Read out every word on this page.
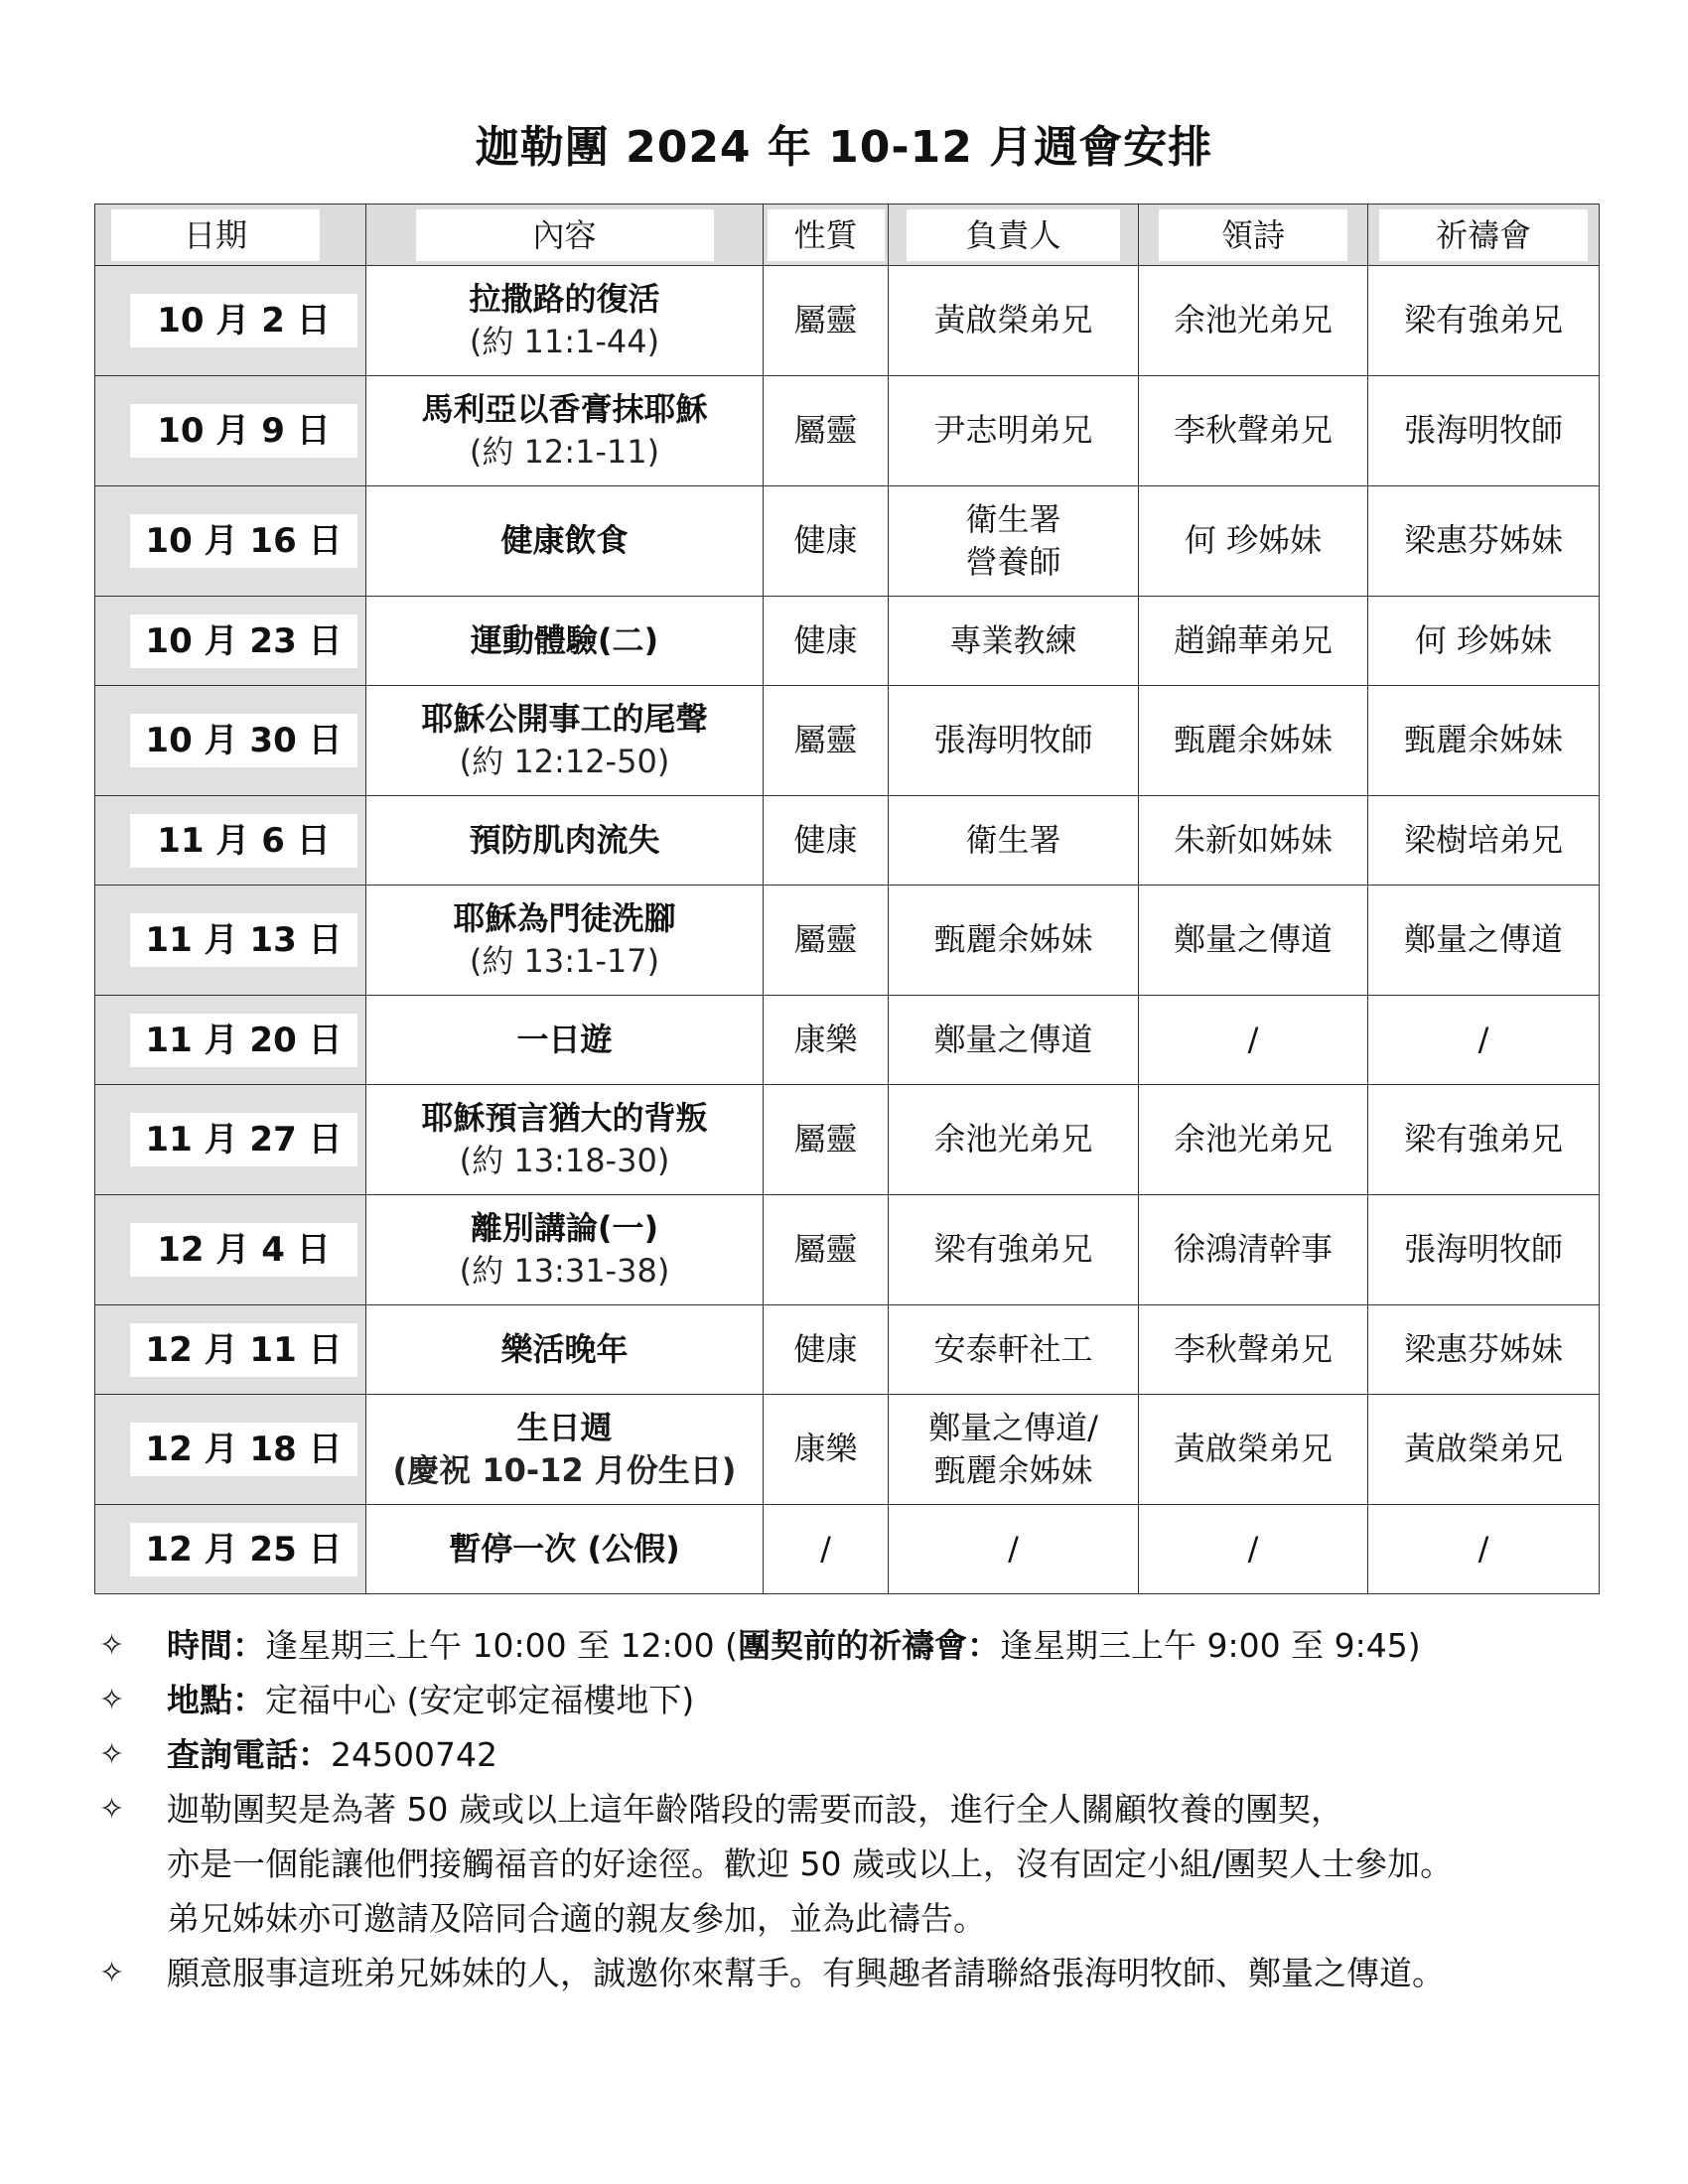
迦勒團 2024 年 10-12 月週會安排
日期	內容	性質	負責人	領詩	祈禱會

10 月 2 日	拉撒路的復活
(約 11:1-44)	屬靈	黃啟榮弟兄	余池光弟兄	梁有強弟兄

10 月 9 日	馬利亞以香膏抹耶穌
(約 12:1-11)	屬靈	尹志明弟兄	李秋聲弟兄	張海明牧師

10 月 16 日	健康飲食	健康	衛生署
營養師	何 珍姊妹	梁惠芬姊妹

10 月 23 日	運動體驗(二)	健康	專業教練	趙錦華弟兄	何 珍姊妹

10 月 30 日	耶穌公開事工的尾聲
(約 12:12-50)	屬靈	張海明牧師	甄麗余姊妹	甄麗余姊妹

11 月 6 日	預防肌肉流失	健康	衛生署	朱新如姊妹	梁樹培弟兄

11 月 13 日	耶穌為門徒洗腳
(約 13:1-17)	屬靈	甄麗余姊妹	鄭量之傳道	鄭量之傳道

11 月 20 日	一日遊	康樂	鄭量之傳道	/	/

11 月 27 日	耶穌預言猶大的背叛
(約 13:18-30)	屬靈	余池光弟兄	余池光弟兄	梁有強弟兄

12 月 4 日	離別講論(一)
(約 13:31-38)	屬靈	梁有強弟兄	徐鴻清幹事	張海明牧師

12 月 11 日	樂活晚年	健康	安泰軒社工	李秋聲弟兄	梁惠芬姊妹

12 月 18 日	生日週
(慶祝 10-12 月份生日)	康樂	鄭量之傳道/
甄麗余姊妹	黃啟榮弟兄	黃啟榮弟兄

12 月 25 日	暫停一次 (公假)	/	/	/	/
✧ 時間：逢星期三上午 10:00 至 12:00 (團契前的祈禱會：逢星期三上午 9:00 至 9:45)
✧ 地點：定福中心 (安定邨定福樓地下)
✧ 查詢電話：24500742
✧ 迦勒團契是為著 50 歲或以上這年齡階段的需要而設，進行全人關顧牧養的團契，
亦是一個能讓他們接觸福音的好途徑。歡迎 50 歲或以上，沒有固定小組/團契人士參加。
弟兄姊妹亦可邀請及陪同合適的親友參加，並為此禱告。
✧ 願意服事這班弟兄姊妹的人，誠邀你來幫手。有興趣者請聯絡張海明牧師、鄭量之傳道。
